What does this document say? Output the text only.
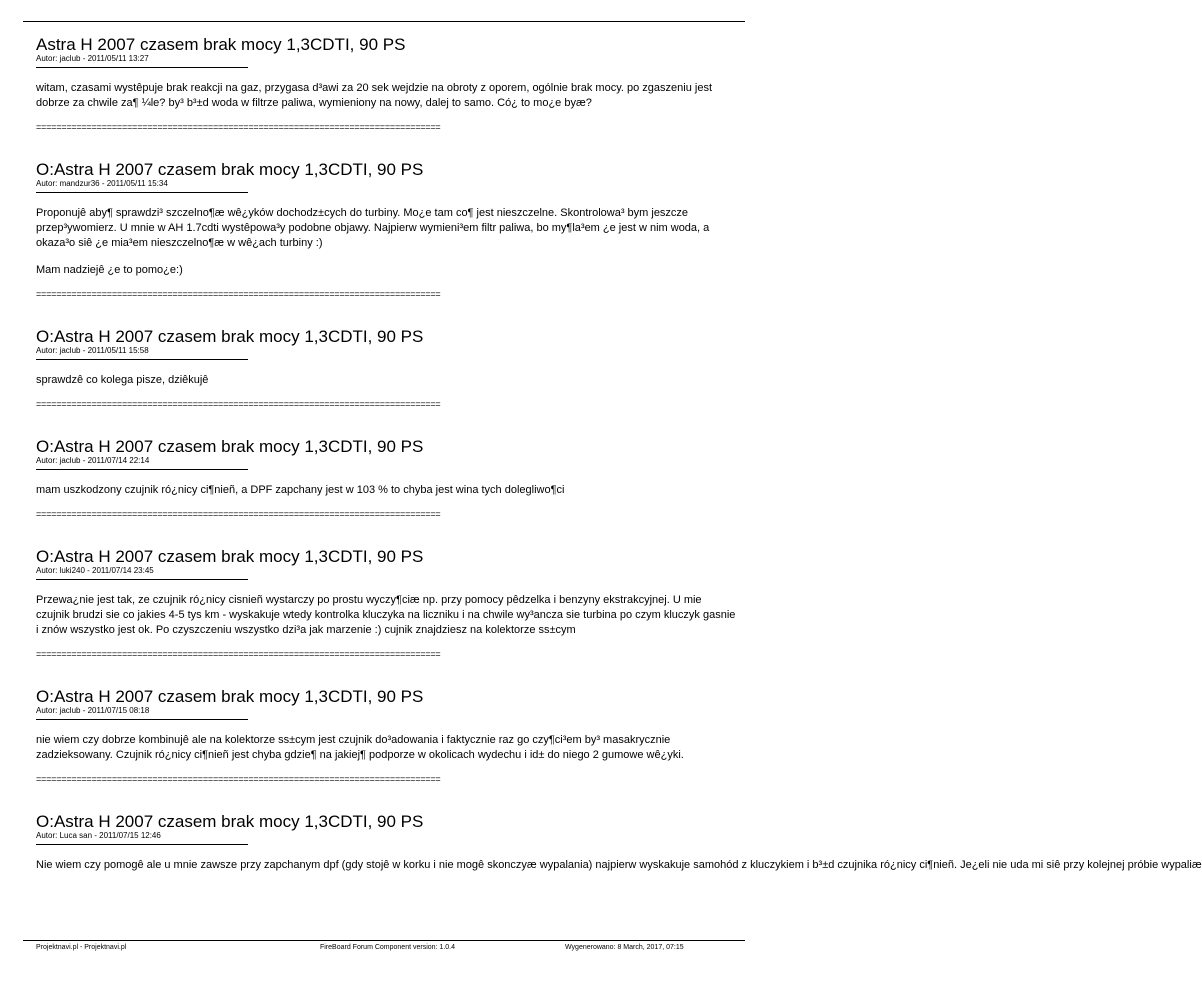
Astra H 2007 czasem brak mocy 1,3CDTI, 90 PS
Autor: jaclub - 2011/05/11 13:27

witam, czasami wystêpuje brak reakcji na gaz, przygasa d³awi za 20 sek wejdzie na obroty z oporem, ogólnie brak mocy. po zgaszeniu jest dobrze za chwile za¶ ¼le? by³ b³±d woda w filtrze paliwa, wymieniony na nowy, dalej to samo. Có¿ to mo¿e byæ?

================================================================================
O:Astra H 2007 czasem brak mocy 1,3CDTI, 90 PS
Autor: mandzur36 - 2011/05/11 15:34

Proponujê aby¶ sprawdzi³ szczelno¶æ wê¿yków dochodz±cych do turbiny. Mo¿e tam co¶ jest nieszczelne. Skontrolowa³ bym jeszcze przep³ywomierz. U mnie w AH 1.7cdti wystêpowa³y podobne objawy. Najpierw wymieni³em filtr paliwa, bo my¶la³em ¿e jest w nim woda, a okaza³o siê ¿e mia³em nieszczelno¶æ w wê¿ach turbiny :)

Mam nadziejê ¿e to pomo¿e:)

================================================================================
O:Astra H 2007 czasem brak mocy 1,3CDTI, 90 PS
Autor: jaclub - 2011/05/11 15:58

sprawdzê co kolega pisze, dziêkujê

================================================================================
O:Astra H 2007 czasem brak mocy 1,3CDTI, 90 PS
Autor: jaclub - 2011/07/14 22:14

mam uszkodzony czujnik ró¿nicy ci¶nieñ, a DPF zapchany jest w 103 % to chyba jest wina tych dolegliwo¶ci

================================================================================
O:Astra H 2007 czasem brak mocy 1,3CDTI, 90 PS
Autor: luki240 - 2011/07/14 23:45

Przewa¿nie jest tak, ze czujnik ró¿nicy cisnieñ wystarczy po prostu wyczy¶ciæ np. przy pomocy pêdzelka i benzyny ekstrakcyjnej. U mie czujnik brudzi sie co jakies 4-5 tys km - wyskakuje wtedy kontrolka kluczyka na liczniku i na chwile wy³ancza sie turbina po czym kluczyk gasnie i znów wszystko jest ok. Po czyszczeniu wszystko dzi³a jak marzenie :) cujnik znajdziesz na kolektorze ss±cym

================================================================================
O:Astra H 2007 czasem brak mocy 1,3CDTI, 90 PS
Autor: jaclub - 2011/07/15 08:18

nie wiem czy dobrze kombinujê ale na kolektorze ss±cym jest czujnik do³adowania i faktycznie raz go czy¶ci³em by³ masakrycznie zadzieksowany. Czujnik ró¿nicy ci¶nieñ jest chyba gdzie¶ na jakiej¶ podporze w okolicach wydechu i id± do niego 2 gumowe wê¿yki.

================================================================================
O:Astra H 2007 czasem brak mocy 1,3CDTI, 90 PS
Autor: Luca san - 2011/07/15 12:46

Nie wiem czy pomogê ale u mnie zawsze przy zapchanym dpf (gdy stojê w korku i nie mogê skonczyæ wypalania) najpierw wyskakuje samohód z kluczykiem i b³±d czujnika ró¿nicy ci¶nieñ. Je¿eli nie uda mi siê przy kolejnej próbie wypaliæ

Projektnavi.pl - Projektnavi.pl	FireBoard Forum Component version: 1.0.4	Wygenerowano: 8 March, 2017, 07:15
